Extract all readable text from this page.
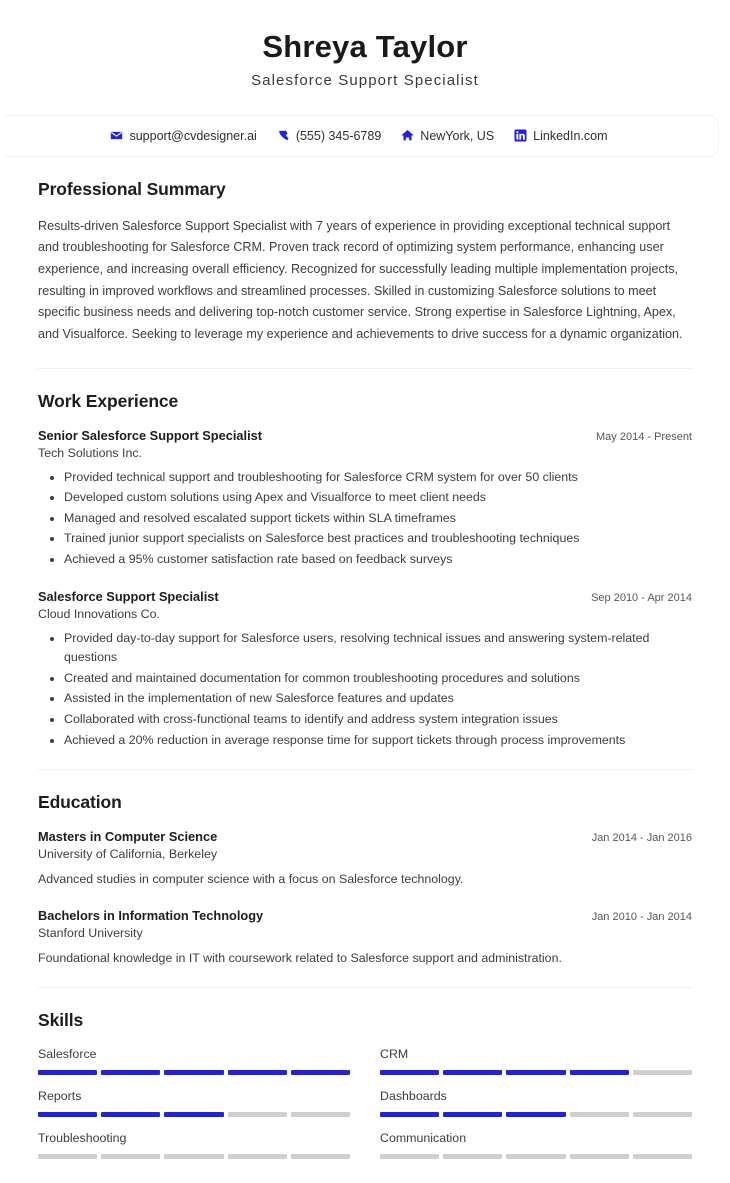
Shreya Taylor
Salesforce Support Specialist
support@cvdesigner.ai	(555) 345-6789	NewYork, US	LinkedIn.com
Professional Summary

Results-driven Salesforce Support Specialist with 7 years of experience in providing exceptional technical support and troubleshooting for Salesforce CRM. Proven track record of optimizing system performance, enhancing user experience, and increasing overall efficiency. Recognized for successfully leading multiple implementation projects, resulting in improved workflows and streamlined processes. Skilled in customizing Salesforce solutions to meet specific business needs and delivering top-notch customer service. Strong expertise in Salesforce Lightning, Apex, and Visualforce. Seeking to leverage my experience and achievements to drive success for a dynamic organization.

Work Experience
Senior Salesforce Support Specialist	May 2014 - Present
Tech Solutions Inc.
• Provided technical support and troubleshooting for Salesforce CRM system for over 50 clients
• Developed custom solutions using Apex and Visualforce to meet client needs
• Managed and resolved escalated support tickets within SLA timeframes
• Trained junior support specialists on Salesforce best practices and troubleshooting techniques
• Achieved a 95% customer satisfaction rate based on feedback surveys
Salesforce Support Specialist	Sep 2010 - Apr 2014
Cloud Innovations Co.
• Provided day-to-day support for Salesforce users, resolving technical issues and answering system-related questions
• Created and maintained documentation for common troubleshooting procedures and solutions
• Assisted in the implementation of new Salesforce features and updates
• Collaborated with cross-functional teams to identify and address system integration issues
• Achieved a 20% reduction in average response time for support tickets through process improvements
Education
Masters in Computer Science	Jan 2014 - Jan 2016
University of California, Berkeley
Advanced studies in computer science with a focus on Salesforce technology.
Bachelors in Information Technology	Jan 2010 - Jan 2014
Stanford University
Foundational knowledge in IT with coursework related to Salesforce support and administration.
Skills
Salesforce	CRM
Reports	Dashboards
Troubleshooting	Communication
